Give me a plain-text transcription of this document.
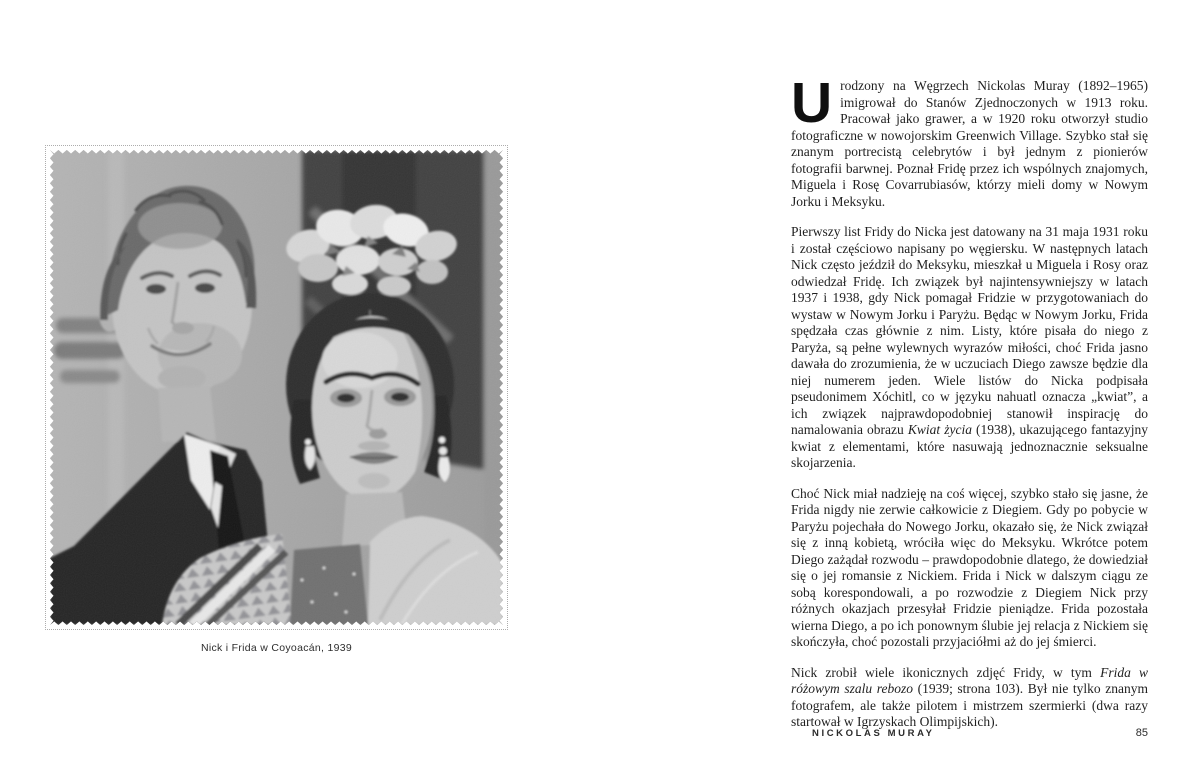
Nick i Frida w Coyoacán, 1939

Urodzony na Węgrzech Nickolas Muray (1892–1965) imigrował do Stanów Zjednoczonych w 1913 roku. Pracował jako grawer, a w 1920 roku otworzył studio fotograficzne w nowojorskim Greenwich Village. Szybko stał się znanym portrecistą celebrytów i był jednym z pionierów fotografii barwnej. Poznał Fridę przez ich wspólnych znajomych, Miguela i Rosę Covarrubiasów, którzy mieli domy w Nowym Jorku i Meksyku.

Pierwszy list Fridy do Nicka jest datowany na 31 maja 1931 roku i został częściowo napisany po węgiersku. W następnych latach Nick często jeździł do Meksyku, mieszkał u Miguela i Rosy oraz odwiedzał Fridę. Ich związek był najintensywniejszy w latach 1937 i 1938, gdy Nick pomagał Fridzie w przygotowaniach do wystaw w Nowym Jorku i Paryżu. Będąc w Nowym Jorku, Frida spędzała czas głównie z nim. Listy, które pisała do niego z Paryża, są pełne wylewnych wyrazów miłości, choć Frida jasno dawała do zrozumienia, że w uczuciach Diego zawsze będzie dla niej numerem jeden. Wiele listów do Nicka podpisała pseudonimem Xóchitl, co w języku nahuatl oznacza „kwiat”, a ich związek najprawdopodobniej stanowił inspirację do namalowania obrazu Kwiat życia (1938), ukazującego fantazyjny kwiat z elementami, które nasuwają jednoznacznie seksualne skojarzenia.

Choć Nick miał nadzieję na coś więcej, szybko stało się jasne, że Frida nigdy nie zerwie całkowicie z Diegiem. Gdy po pobycie w Paryżu pojechała do Nowego Jorku, okazało się, że Nick związał się z inną kobietą, wróciła więc do Meksyku. Wkrótce potem Diego zażądał rozwodu – prawdopodobnie dlatego, że dowiedział się o jej romansie z Nickiem. Frida i Nick w dalszym ciągu ze sobą korespondowali, a po rozwodzie z Diegiem Nick przy różnych okazjach przesyłał Fridzie pieniądze. Frida pozostała wierna Diego, a po ich ponownym ślubie jej relacja z Nickiem się skończyła, choć pozostali przyjaciółmi aż do jej śmierci.

Nick zrobił wiele ikonicznych zdjęć Fridy, w tym Frida w różowym szalu rebozo (1939; strona 103). Był nie tylko znanym fotografem, ale także pilotem i mistrzem szermierki (dwa razy startował w Igrzyskach Olimpijskich).

NICKOLAS MURAY	85
